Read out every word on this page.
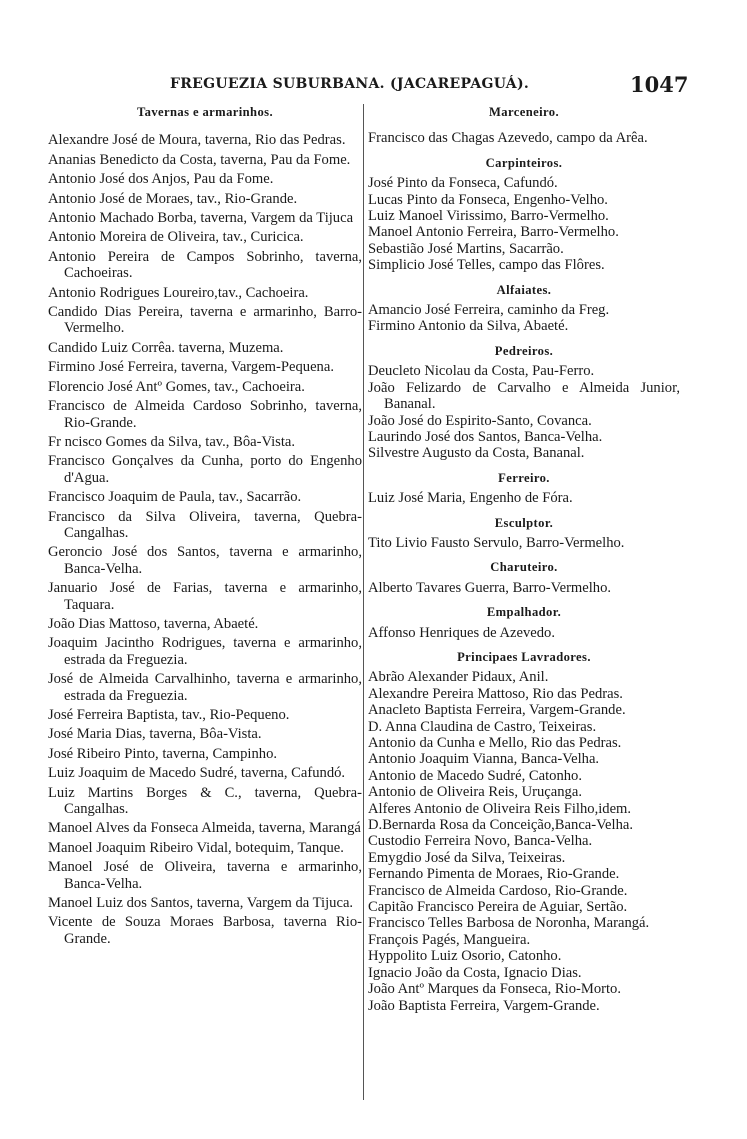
FREGUEZIA SUBURBANA. (JACAREPAGUÁ).	1047
Tavernas e armarinhos.
Alexandre José de Moura, taverna, Rio das Pedras.
Ananias Benedicto da Costa, taverna, Pau da Fome.
Antonio José dos Anjos, Pau da Fome.
Antonio José de Moraes, tav., Rio-Grande.
Antonio Machado Borba, taverna, Vargem da Tijuca
Antonio Moreira de Oliveira, tav., Curicica.
Antonio Pereira de Campos Sobrinho, taverna, Cachoeiras.
Antonio Rodrigues Loureiro,tav., Cachoeira.
Candido Dias Pereira, taverna e armarinho, Barro-Vermelho.
Candido Luiz Corrêa. taverna, Muzema.
Firmino José Ferreira, taverna, Vargem-Pequena.
Florencio José Antº Gomes, tav., Cachoeira.
Francisco de Almeida Cardoso Sobrinho, taverna, Rio-Grande.
Fr ncisco Gomes da Silva, tav., Bôa-Vista.
Francisco Gonçalves da Cunha, porto do Engenho d'Agua.
Francisco Joaquim de Paula, tav., Sacarrão.
Francisco da Silva Oliveira, taverna, Quebra-Cangalhas.
Geroncio José dos Santos, taverna e armarinho, Banca-Velha.
Januario José de Farias, taverna e armarinho, Taquara.
João Dias Mattoso, taverna, Abaeté.
Joaquim Jacintho Rodrigues, taverna e armarinho, estrada da Freguezia.
José de Almeida Carvalhinho, taverna e armarinho, estrada da Freguezia.
José Ferreira Baptista, tav., Rio-Pequeno.
José Maria Dias, taverna, Bôa-Vista.
José Ribeiro Pinto, taverna, Campinho.
Luiz Joaquim de Macedo Sudré, taverna, Cafundó.
Luiz Martins Borges & C., taverna, Quebra-Cangalhas.
Manoel Alves da Fonseca Almeida, taverna, Marangá
Manoel Joaquim Ribeiro Vidal, botequim, Tanque.
Manoel José de Oliveira, taverna e armarinho, Banca-Velha.
Manoel Luiz dos Santos, taverna, Vargem da Tijuca.
Vicente de Souza Moraes Barbosa, taverna Rio-Grande.
Marceneiro.
Francisco das Chagas Azevedo, campo da Arêa.
Carpinteiros.
José Pinto da Fonseca, Cafundó.
Lucas Pinto da Fonseca, Engenho-Velho.
Luiz Manoel Virissimo, Barro-Vermelho.
Manoel Antonio Ferreira, Barro-Vermelho.
Sebastião José Martins, Sacarrão.
Simplicio José Telles, campo das Flôres.
Alfaiates.
Amancio José Ferreira, caminho da Freg.
Firmino Antonio da Silva, Abaeté.
Pedreiros.
Deucleto Nicolau da Costa, Pau-Ferro.
João Felizardo de Carvalho e Almeida Junior, Bananal.
João José do Espirito-Santo, Covanca.
Laurindo José dos Santos, Banca-Velha.
Silvestre Augusto da Costa, Bananal.
Ferreiro.
Luiz José Maria, Engenho de Fóra.
Esculptor.
Tito Livio Fausto Servulo, Barro-Vermelho.
Charuteiro.
Alberto Tavares Guerra, Barro-Vermelho.
Empalhador.
Affonso Henriques de Azevedo.
Principaes Lavradores.
Abrão Alexander Pidaux, Anil.
Alexandre Pereira Mattoso, Rio das Pedras.
Anacleto Baptista Ferreira, Vargem-Grande.
D. Anna Claudina de Castro, Teixeiras.
Antonio da Cunha e Mello, Rio das Pedras.
Antonio Joaquim Vianna, Banca-Velha.
Antonio de Macedo Sudré, Catonho.
Antonio de Oliveira Reis, Uruçanga.
Alferes Antonio de Oliveira Reis Filho,idem.
D.Bernarda Rosa da Conceição,Banca-Velha.
Custodio Ferreira Novo, Banca-Velha.
Emygdio José da Silva, Teixeiras.
Fernando Pimenta de Moraes, Rio-Grande.
Francisco de Almeida Cardoso, Rio-Grande.
Capitão Francisco Pereira de Aguiar, Sertão.
Francisco Telles Barbosa de Noronha, Marangá.
François Pagés, Mangueira.
Hyppolito Luiz Osorio, Catonho.
Ignacio João da Costa, Ignacio Dias.
João Antº Marques da Fonseca, Rio-Morto.
João Baptista Ferreira, Vargem-Grande.
